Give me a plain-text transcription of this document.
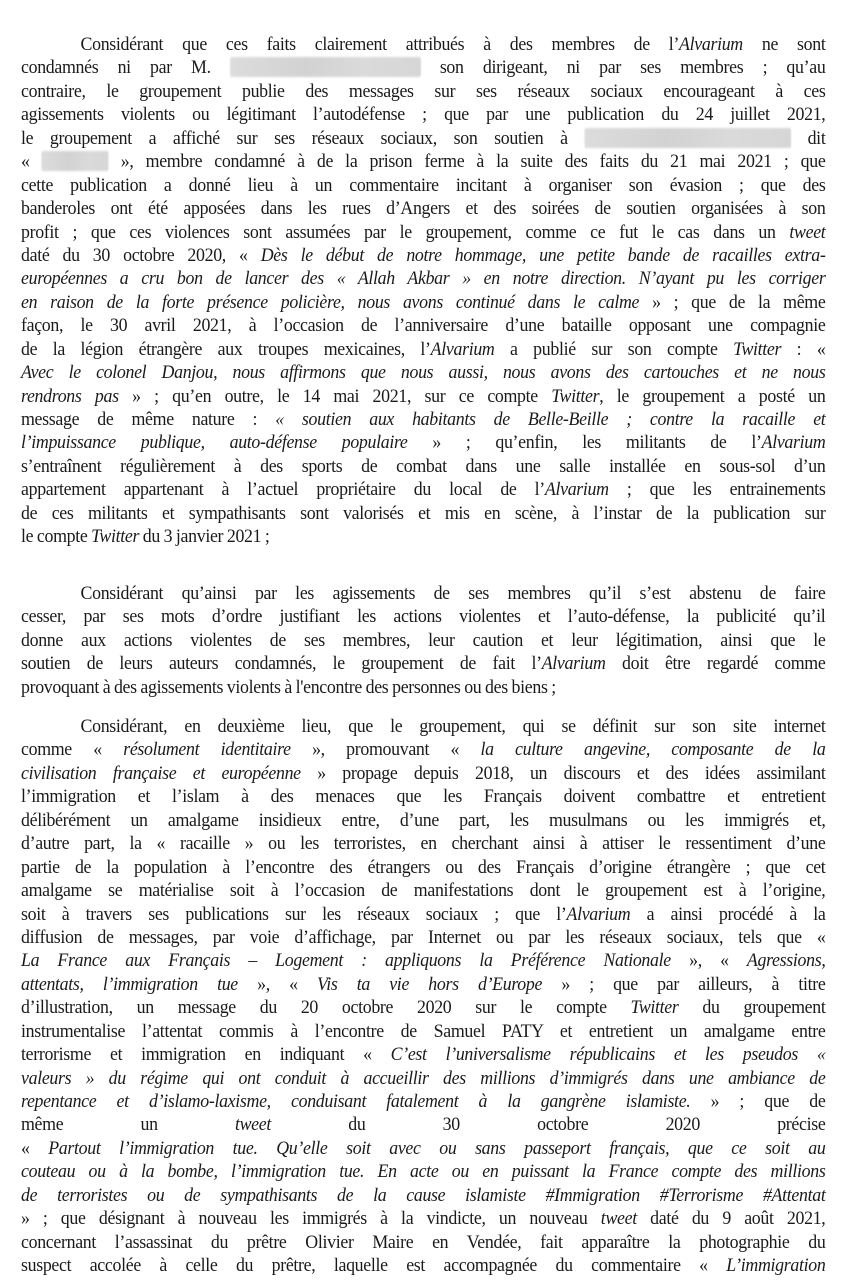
Considérant que ces faits clairement attribués à des membres de l’Alvarium ne sont
condamnés ni par M.	son dirigeant, ni par ses membres ; qu’au
contraire, le groupement publie des messages sur ses réseaux sociaux encourageant à ces
agissements violents ou légitimant l’autodéfense ; que par une publication du 24 juillet 2021,
le groupement a affiché sur ses réseaux sociaux, son soutien à	dit
«	», membre condamné à de la prison ferme à la suite des faits du 21 mai 2021 ; que
cette publication a donné lieu à un commentaire incitant à organiser son évasion ; que des
banderoles ont été apposées dans les rues d’Angers et des soirées de soutien organisées à son
profit ; que ces violences sont assumées par le groupement, comme ce fut le cas dans un tweet
daté du 30 octobre 2020, « Dès le début de notre hommage, une petite bande de racailles extra-
européennes a cru bon de lancer des « Allah Akbar » en notre direction. N’ayant pu les corriger
en raison de la forte présence policière, nous avons continué dans le calme » ; que de la même
façon, le 30 avril 2021, à l’occasion de l’anniversaire d’une bataille opposant une compagnie
de la légion étrangère aux troupes mexicaines, l’Alvarium a publié sur son compte Twitter : «
Avec le colonel Danjou, nous affirmons que nous aussi, nous avons des cartouches et ne nous
rendrons pas » ; qu’en outre, le 14 mai 2021, sur ce compte Twitter, le groupement a posté un
message de même nature : « soutien aux habitants de Belle-Beille ; contre la racaille et
l’impuissance publique, auto-défense populaire » ; qu’enfin, les militants de l’Alvarium
s’entraînent régulièrement à des sports de combat dans une salle installée en sous-sol d’un
appartement appartenant à l’actuel propriétaire du local de l’Alvarium ; que les entrainements
de ces militants et sympathisants sont valorisés et mis en scène, à l’instar de la publication sur
le compte Twitter du 3 janvier 2021 ;
Considérant qu’ainsi par les agissements de ses membres qu’il s’est abstenu de faire
cesser, par ses mots d’ordre justifiant les actions violentes et l’auto-défense, la publicité qu’il
donne aux actions violentes de ses membres, leur caution et leur légitimation, ainsi que le
soutien de leurs auteurs condamnés, le groupement de fait l’Alvarium doit être regardé comme
provoquant à des agissements violents à l'encontre des personnes ou des biens ;
Considérant, en deuxième lieu, que le groupement, qui se définit sur son site internet
comme « résolument identitaire », promouvant « la culture angevine, composante de la
civilisation française et européenne » propage depuis 2018, un discours et des idées assimilant
l’immigration et l’islam à des menaces que les Français doivent combattre et entretient
délibérément un amalgame insidieux entre, d’une part, les musulmans ou les immigrés et,
d’autre part, la « racaille » ou les terroristes, en cherchant ainsi à attiser le ressentiment d’une
partie de la population à l’encontre des étrangers ou des Français d’origine étrangère ; que cet
amalgame se matérialise soit à l’occasion de manifestations dont le groupement est à l’origine,
soit à travers ses publications sur les réseaux sociaux ; que l’Alvarium a ainsi procédé à la
diffusion de messages, par voie d’affichage, par Internet ou par les réseaux sociaux, tels que «
La France aux Français – Logement : appliquons la Préférence Nationale », « Agressions,
attentats, l’immigration tue », « Vis ta vie hors d’Europe » ; que par ailleurs, à titre
d’illustration, un message du 20 octobre 2020 sur le compte Twitter du groupement
instrumentalise l’attentat commis à l’encontre de Samuel PATY et entretient un amalgame entre
terrorisme et immigration en indiquant « C’est l’universalisme républicains et les pseudos «
valeurs » du régime qui ont conduit à accueillir des millions d’immigrés dans une ambiance de
repentance et d’islamo-laxisme, conduisant fatalement à la gangrène islamiste. » ; que de
même un tweet du 30 octobre 2020 précise
« Partout l’immigration tue. Qu’elle soit avec ou sans passeport français, que ce soit au
couteau ou à la bombe, l’immigration tue. En acte ou en puissant la France compte des millions
de terroristes ou de sympathisants de la cause islamiste #Immigration #Terrorisme #Attentat
» ; que désignant à nouveau les immigrés à la vindicte, un nouveau tweet daté du 9 août 2021,
concernant l’assassinat du prêtre Olivier Maire en Vendée, fait apparaître la photographie du
suspect accolée à celle du prêtre, laquelle est accompagnée du commentaire « L’immigration
